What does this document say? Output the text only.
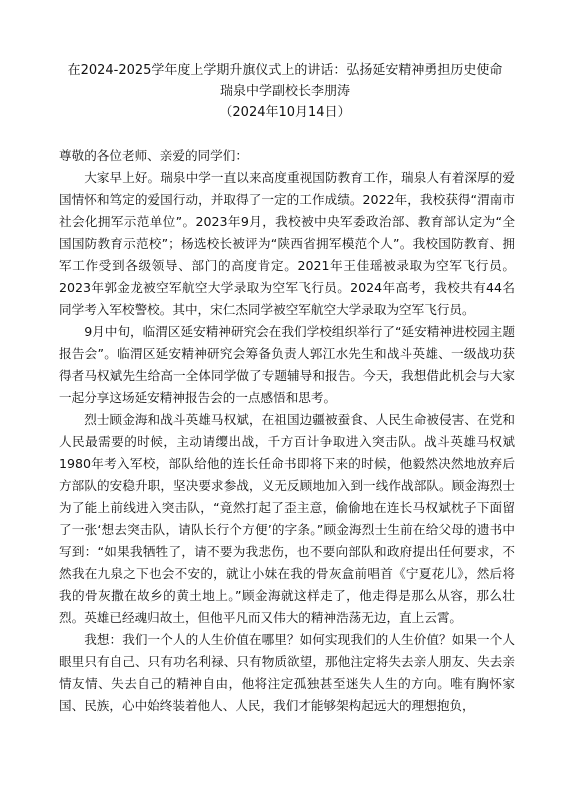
在2024-2025学年度上学期升旗仪式上的讲话：弘扬延安精神勇担历史使命
瑞泉中学副校长李朋涛
（2024年10月14日）

尊敬的各位老师、亲爱的同学们：

大家早上好。瑞泉中学一直以来高度重视国防教育工作，瑞泉人有着深厚的爱国情怀和笃定的爱国行动，并取得了一定的工作成绩。2022年，我校获得“渭南市社会化拥军示范单位”。2023年9月，我校被中央军委政治部、教育部认定为“全国国防教育示范校”；杨选校长被评为“陕西省拥军模范个人”。我校国防教育、拥军工作受到各级领导、部门的高度肯定。2021年王佳瑶被录取为空军飞行员。2023年郭金龙被空军航空大学录取为空军飞行员。2024年高考，我校共有44名同学考入军校警校。其中，宋仁杰同学被空军航空大学录取为空军飞行员。

9月中旬，临渭区延安精神研究会在我们学校组织举行了“延安精神进校园主题报告会”。临渭区延安精神研究会筹备负责人郭江水先生和战斗英雄、一级战功获得者马权斌先生给高一全体同学做了专题辅导和报告。今天，我想借此机会与大家一起分享这场延安精神报告会的一点感悟和思考。

烈士顾金海和战斗英雄马权斌，在祖国边疆被蚕食、人民生命被侵害、在党和人民最需要的时候，主动请缨出战，千方百计争取进入突击队。战斗英雄马权斌1980年考入军校，部队给他的连长任命书即将下来的时候，他毅然决然地放弃后方部队的安稳升职，坚决要求参战，义无反顾地加入到一线作战部队。顾金海烈士为了能上前线进入突击队，“竟然打起了歪主意，偷偷地在连长马权斌枕子下面留了一张‘想去突击队，请队长行个方便’的字条。”顾金海烈士生前在给父母的遗书中写到：“如果我牺牲了，请不要为我悲伤，也不要向部队和政府提出任何要求，不然我在九泉之下也会不安的，就让小妹在我的骨灰盒前唱首《宁夏花儿》，然后将我的骨灰撒在故乡的黄土地上。”顾金海就这样走了，他走得是那么从容，那么壮烈。英雄已经魂归故土，但他平凡而又伟大的精神浩荡无边，直上云霄。

我想：我们一个人的人生价值在哪里？如何实现我们的人生价值？如果一个人眼里只有自己、只有功名利禄、只有物质欲望，那他注定将失去亲人朋友、失去亲情友情、失去自己的精神自由，他将注定孤独甚至迷失人生的方向。唯有胸怀家国、民族，心中始终装着他人、人民，我们才能够架构起远大的理想抱负，
